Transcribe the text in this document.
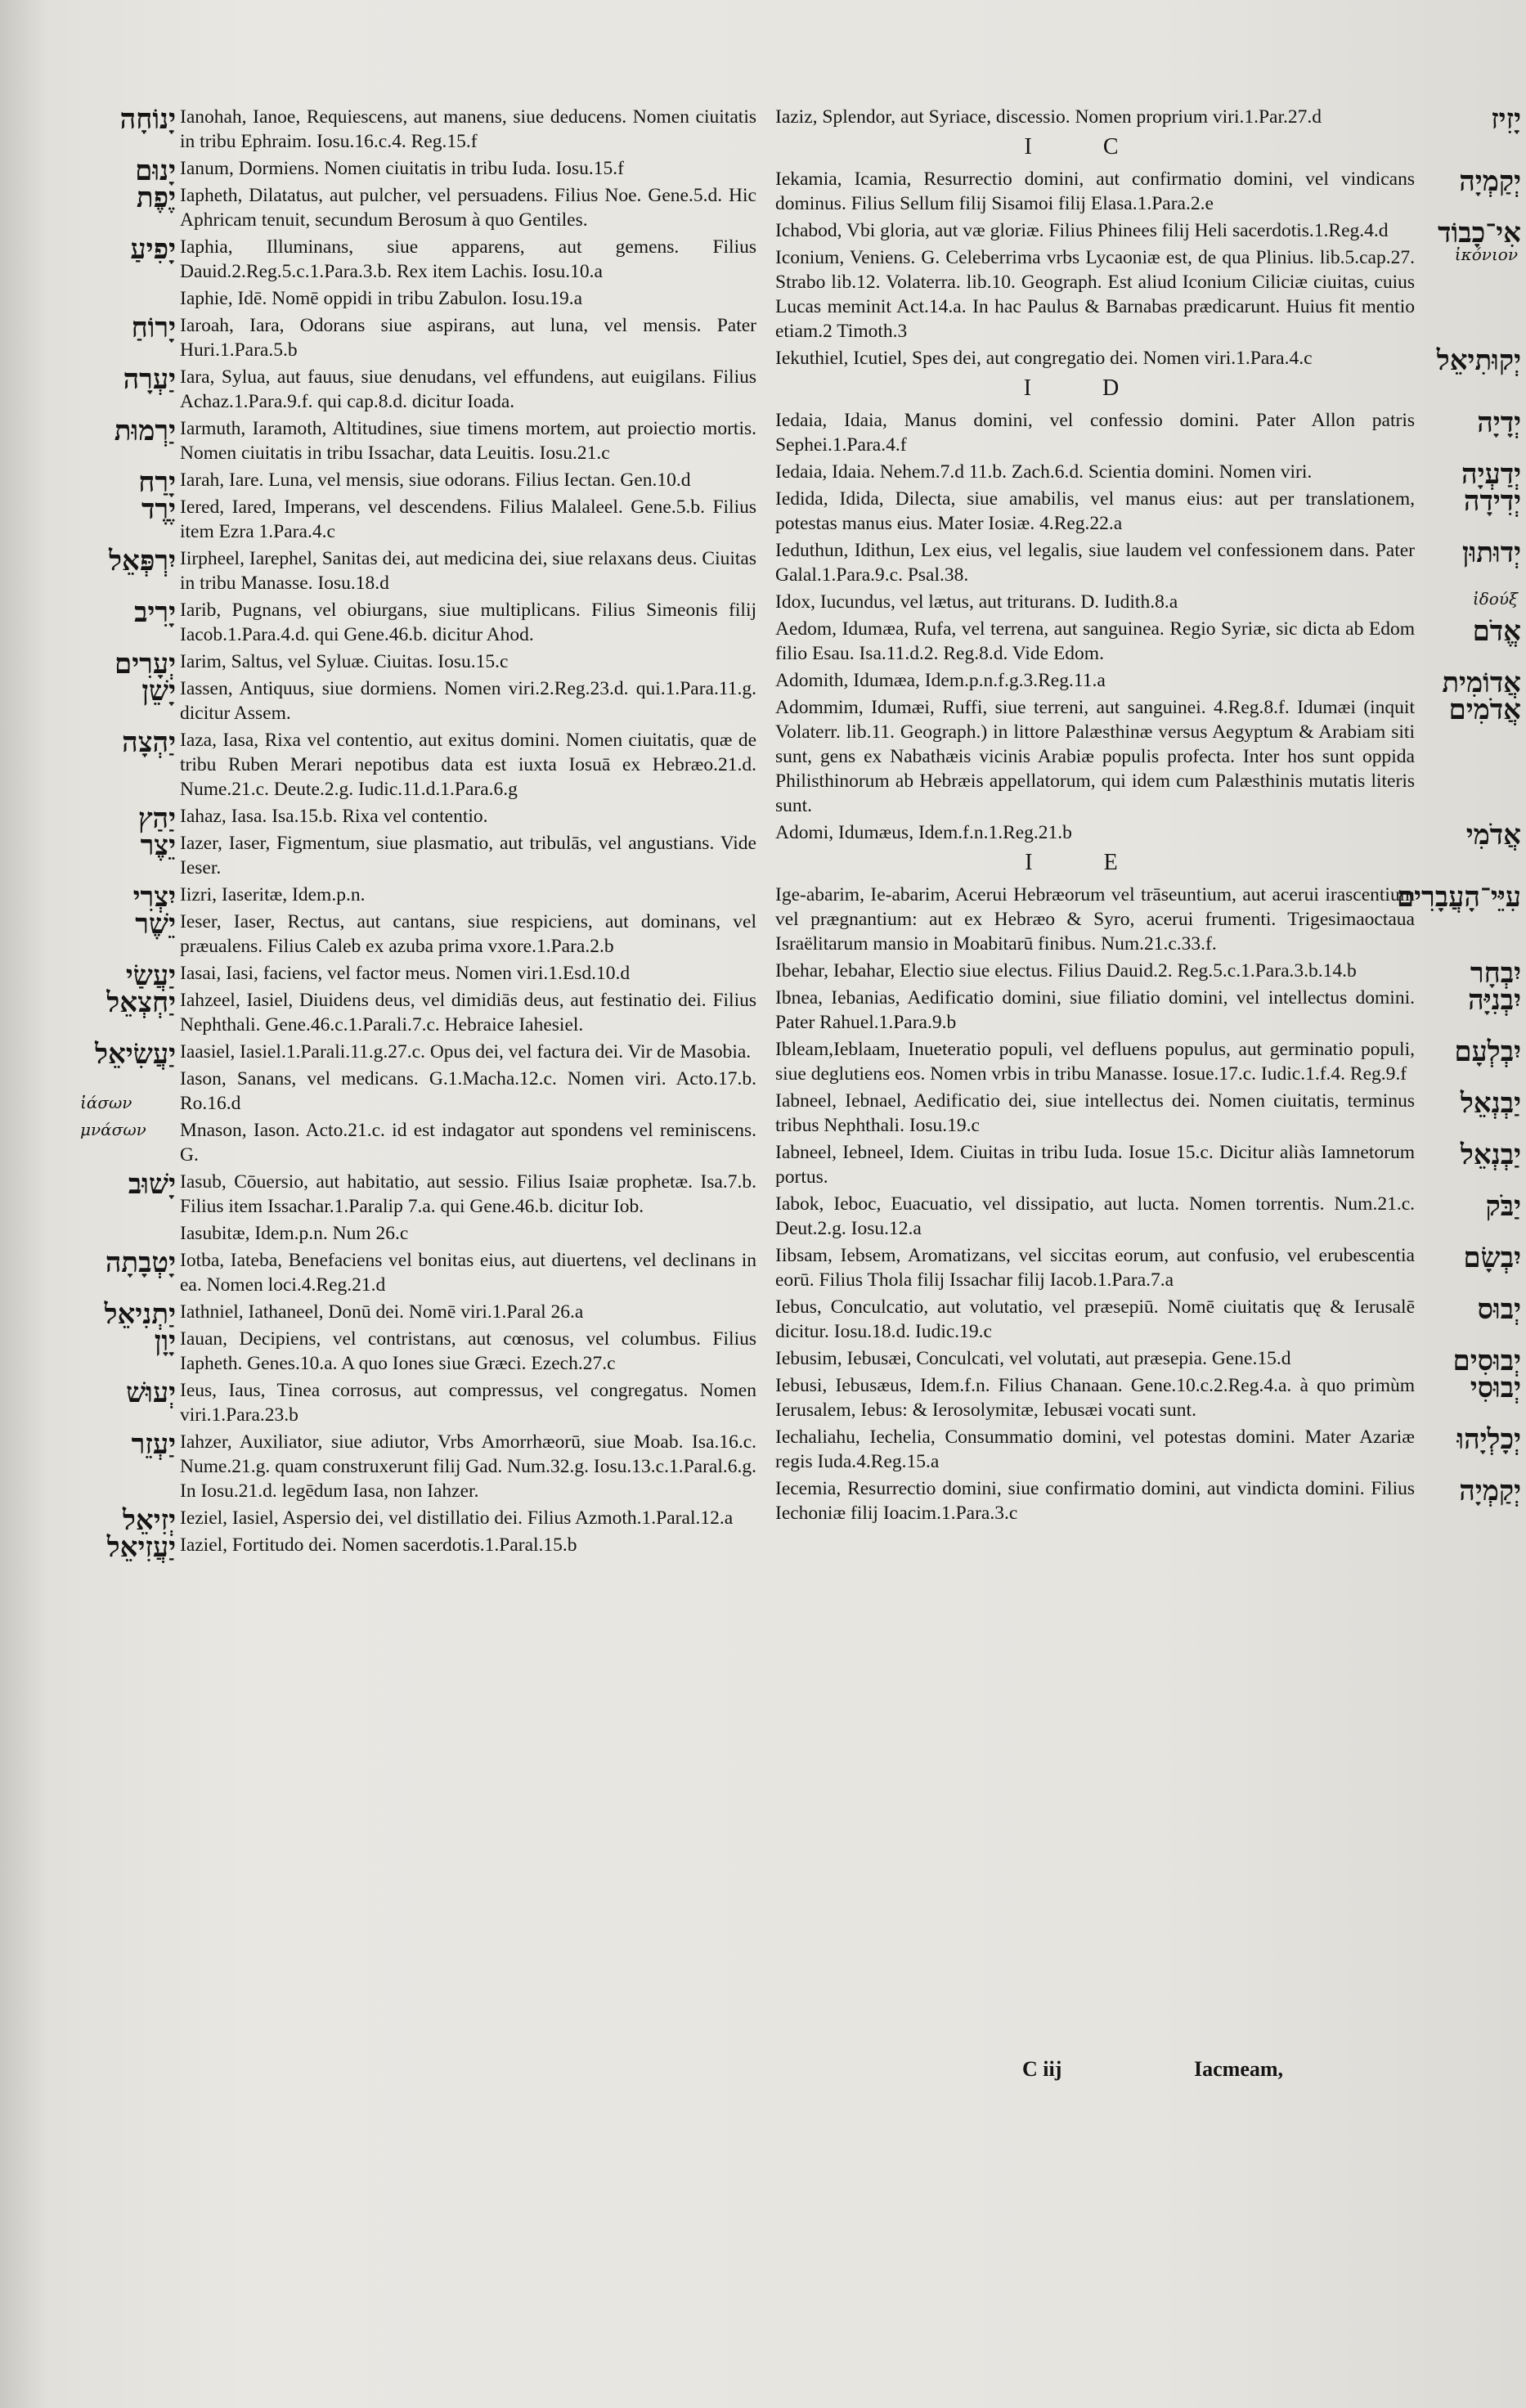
יָנוֹחָה Ianohah, Ianoe, Requiescens, aut manens, siue deducens. Nomen ciuitatis in tribu Ephraim. Iosu.16.c.4. Reg.15.f
יָנוּם Ianum, Dormiens. Nomen ciuitatis in tribu Iuda. Iosu.15.f
יֶפֶת Iapheth, Dilatatus, aut pulcher, vel persuadens. Filius Noe. Gene.5.d. Hic Aphricam tenuit, secundum Berosum à quo Gentiles.
יָפִיעַ Iaphia, Illuminans, siue apparens, aut gemens. Filius Dauid.2.Reg.5.c.1.Para.3.b. Rex item Lachis. Iosu.10.a
Iaphie, Idē. Nomē oppidi in tribu Zabulon. Iosu.19.a
יָרוֹחַ Iaroah, Iara, Odorans siue aspirans, aut luna, vel mensis. Pater Huri.1.Para.5.b
יַעְרָה Iara, Sylua, aut fauus, siue denudans, vel effundens, aut euigilans. Filius Achaz.1.Para.9.f. qui cap.8.d. dicitur Ioada.
יַרְמוּת Iarmuth, Iaramoth, Altitudines, siue timens mortem, aut proiectio mortis. Nomen ciuitatis in tribu Issachar, data Leuitis. Iosu.21.c
יָרַח Iarah, Iare. Luna, vel mensis, siue odorans. Filius Iectan. Gen.10.d
יֶרֶד Iered, Iared, Imperans, vel descendens. Filius Malaleel. Gene.5.b. Filius item Ezra 1.Para.4.c
יִרְפְּאֵל Iirpheel, Iarephel, Sanitas dei, aut medicina dei, siue relaxans deus. Ciuitas in tribu Manasse. Iosu.18.d
יָרִיב Iarib, Pugnans, vel obiurgans, siue multiplicans. Filius Simeonis filij Iacob.1.Para.4.d. qui Gene.46.b. dicitur Ahod.
יְעָרִים Iarim, Saltus, vel Syluæ. Ciuitas. Iosu.15.c
יָשֵׁן Iassen, Antiquus, siue dormiens. Nomen viri.2.Reg.23.d. qui.1.Para.11.g. dicitur Assem.
יַהְצָה Iaza, Iasa, Rixa vel contentio, aut exitus domini. Nomen ciuitatis, quæ de tribu Ruben Merari nepotibus data est iuxta Iosuā ex Hebræo.21.d. Nume.21.c. Deute.2.g. Iudic.11.d.1.Para.6.g
יַהַץ Iahaz, Iasa. Isa.15.b. Rixa vel contentio.
יֵצֶר Iazer, Iaser, Figmentum, siue plasmatio, aut tribulās, vel angustians. Vide Ieser.
יִצְרִי Iizri, Iaseritæ, Idem.p.n.
יֵשֶׁר Ieser, Iaser, Rectus, aut cantans, siue respiciens, aut dominans, vel præualens. Filius Caleb ex azuba prima vxore.1.Para.2.b
יַעֲשַׂי Iasai, Iasi, faciens, vel factor meus. Nomen viri.1.Esd.10.d
יַחְצְאֵל Iahzeel, Iasiel, Diuidens deus, vel dimidiās deus, aut festinatio dei. Filius Nephthali. Gene.46.c.1.Parali.7.c. Hebraice Iahesiel.
יַעֲשִׂיאֵל
ἰάσων
Iaasiel, Iasiel.1.Parali.11.g.27.c. Opus dei, vel factura dei. Vir de Masobia.
μνάσων
Iason, Sanans, vel medicans. G.1.Macha.12.c. Nomen viri. Acto.17.b. Ro.16.d
Mnason, Iason. Acto.21.c. id est indagator aut spondens vel reminiscens. G.
יָשׁוּב Iasub, Cōuersio, aut habitatio, aut sessio. Filius Isaiæ prophetæ. Isa.7.b. Filius item Issachar.1.Paralip 7.a. qui Gene.46.b. dicitur Iob.
Iasubitæ, Idem.p.n. Num 26.c
יָטְבָתָה Iotba, Iateba, Benefaciens vel bonitas eius, aut diuertens, vel declinans in ea. Nomen loci.4.Reg.21.d
יַתְנִיאֵל Iathniel, Iathaneel, Donū dei. Nomē viri.1.Paral 26.a
יָוָן Iauan, Decipiens, vel contristans, aut cœnosus, vel columbus. Filius Iapheth. Genes.10.a. A quo Iones siue Græci. Ezech.27.c
יְעוּשׁ Ieus, Iaus, Tinea corrosus, aut compressus, vel congregatus. Nomen viri.1.Para.23.b
יַעְזֵר Iahzer, Auxiliator, siue adiutor, Vrbs Amorrhæorū, siue Moab. Isa.16.c. Nume.21.g. quam construxerunt filij Gad. Num.32.g. Iosu.13.c.1.Paral.6.g. In Iosu.21.d. legēdum Iasa, non Iahzer.
יְזִיאֵל Ieziel, Iasiel, Aspersio dei, vel distillatio dei. Filius Azmoth.1.Paral.12.a
יַעֲזִיאֵל Iaziel, Fortitudo dei. Nomen sacerdotis.1.Paral.15.b
יָזִיז
Iaziz, Splendor, aut Syriace, discessio. Nomen proprium viri.1.Par.27.d
I C
יְקַמְיָה
Iekamia, Icamia, Resurrectio domini, aut confirmatio domini, vel vindicans dominus. Filius Sellum filij Sisamoi filij Elasa.1.Para.2.e
אִי־כָבוֹד
Ichabod, Vbi gloria, aut væ gloriæ. Filius Phinees filij Heli sacerdotis.1.Reg.4.d
ἰκόνιον
Iconium, Veniens. G. Celeberrima vrbs Lycaoniæ est, de qua Plinius. lib.5.cap.27. Strabo lib.12. Volaterra. lib.10. Geograph. Est aliud Iconium Ciliciæ ciuitas, cuius Lucas meminit Act.14.a. In hac Paulus & Barnabas prædicarunt. Huius fit mentio etiam.2 Timoth.3
יְקוּתִיאֵל
Iekuthiel, Icutiel, Spes dei, aut congregatio dei. Nomen viri.1.Para.4.c
I D
יְדָיָה
Iedaia, Idaia, Manus domini, vel confessio domini. Pater Allon patris Sephei.1.Para.4.f
יְדַעְיָה
Iedaia, Idaia. Nehem.7.d 11.b. Zach.6.d. Scientia domini. Nomen viri.
יְדִידָה
Iedida, Idida, Dilecta, siue amabilis, vel manus eius: aut per translationem, potestas manus eius. Mater Iosiæ. 4.Reg.22.a
יְדוּתוּן
Ieduthun, Idithun, Lex eius, vel legalis, siue laudem vel confessionem dans. Pater Galal.1.Para.9.c. Psal.38.
ἰδούξ
Idox, Iucundus, vel lætus, aut triturans. D. Iudith.8.a
אֱדֹם
Aedom, Idumæa, Rufa, vel terrena, aut sanguinea. Regio Syriæ, sic dicta ab Edom filio Esau. Isa.11.d.2. Reg.8.d. Vide Edom.
אֲדוֹמִית
Adomith, Idumæa, Idem.p.n.f.g.3.Reg.11.a
אֲדֹמִים
Adommim, Idumæi, Ruffi, siue terreni, aut sanguinei. 4.Reg.8.f. Idumæi (inquit Volaterr. lib.11. Geograph.) in littore Palæsthinæ versus Aegyptum & Arabiam siti sunt, gens ex Nabathæis vicinis Arabiæ populis profecta. Inter hos sunt oppida Philisthinorum ab Hebræis appellatorum, qui idem cum Palæsthinis mutatis literis sunt.
אֲדֹמִי
Adomi, Idumæus, Idem.f.n.1.Reg.21.b
I E
עִיֵּי־הָעֲבָרִים
Ige-abarim, Ie-abarim, Acerui Hebræorum vel trāseuntium, aut acerui irascentium vel prægnantium: aut ex Hebræo & Syro, acerui frumenti. Trigesimaoctaua Israëlitarum mansio in Moabitarū finibus. Num.21.c.33.f.
יִבְחָר
Ibehar, Iebahar, Electio siue electus. Filius Dauid.2. Reg.5.c.1.Para.3.b.14.b
יִבְנִיָּה
Ibnea, Iebanias, Aedificatio domini, siue filiatio domini, vel intellectus domini. Pater Rahuel.1.Para.9.b
יִבְלְעָם
Ibleam,Ieblaam, Inueteratio populi, vel defluens populus, aut germinatio populi, siue deglutiens eos. Nomen vrbis in tribu Manasse. Iosue.17.c. Iudic.1.f.4. Reg.9.f
יַבְנְאֵל
Iabneel, Iebnael, Aedificatio dei, siue intellectus dei. Nomen ciuitatis, terminus tribus Nephthali. Iosu.19.c
יַבְנְאֵל
Iabneel, Iebneel, Idem. Ciuitas in tribu Iuda. Iosue 15.c. Dicitur aliàs Iamnetorum portus.
יַבֹּק
Iabok, Ieboc, Euacuatio, vel dissipatio, aut lucta. Nomen torrentis. Num.21.c. Deut.2.g. Iosu.12.a
יִבְשָׂם
Iibsam, Iebsem, Aromatizans, vel siccitas eorum, aut confusio, vel erubescentia eorū. Filius Thola filij Issachar filij Iacob.1.Para.7.a
יְבוּס
Iebus, Conculcatio, aut volutatio, vel præsepiū. Nomē ciuitatis quę & Ierusalē dicitur. Iosu.18.d. Iudic.19.c
יְבוּסִים
Iebusim, Iebusæi, Conculcati, vel volutati, aut præsepia. Gene.15.d
יְבוּסִי
Iebusi, Iebusæus, Idem.f.n. Filius Chanaan. Gene.10.c.2.Reg.4.a. à quo primùm Ierusalem, Iebus: & Ierosolymitæ, Iebusæi vocati sunt.
יְכָלְיָהוּ
Iechaliahu, Iechelia, Consummatio domini, vel potestas domini. Mater Azariæ regis Iuda.4.Reg.15.a
יְקַמְיָה
Iecemia, Resurrectio domini, siue confirmatio domini, aut vindicta domini. Filius Iechoniæ filij Ioacim.1.Para.3.c
C iij	Iacmeam,
